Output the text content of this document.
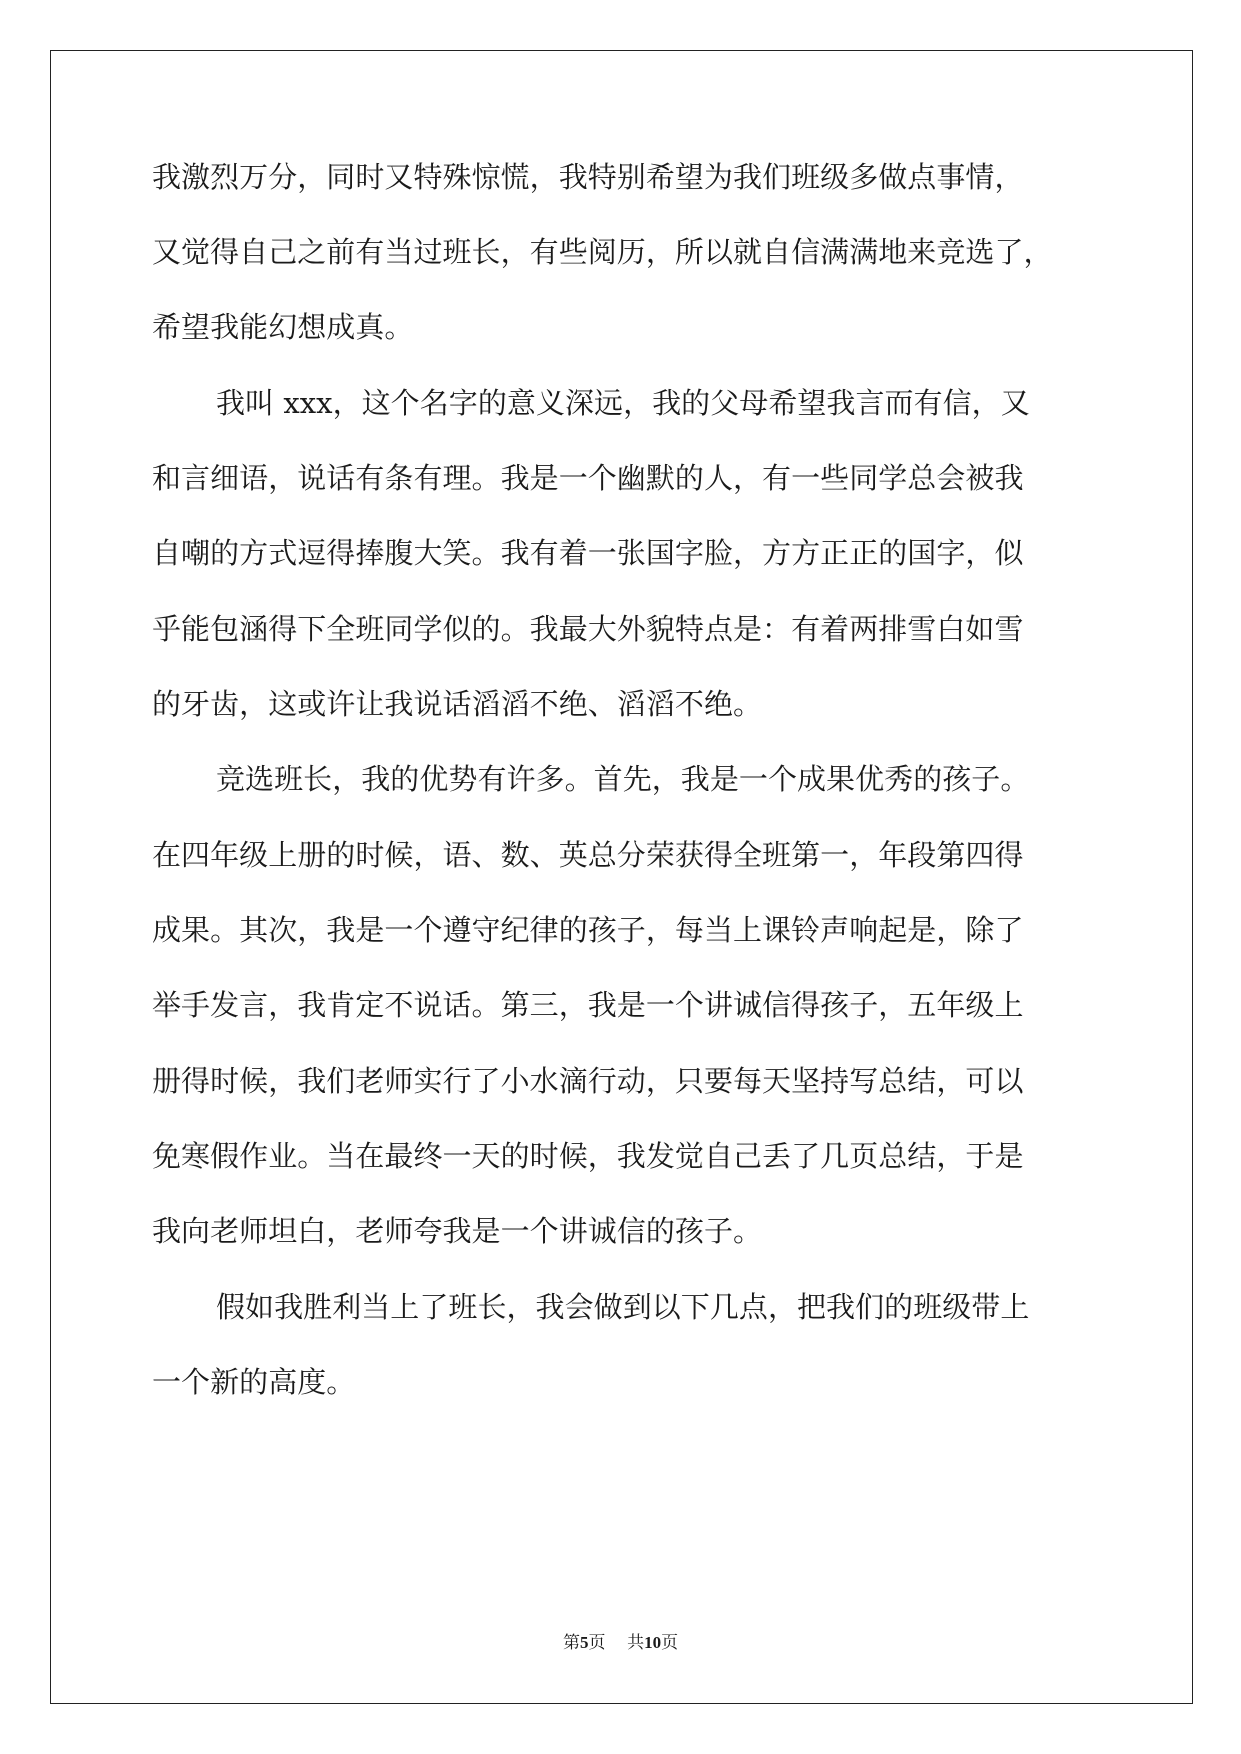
我激烈万分，同时又特殊惊慌，我特别希望为我们班级多做点事情，
又觉得自己之前有当过班长，有些阅历，所以就自信满满地来竞选了，
希望我能幻想成真。
我叫 xxx，这个名字的意义深远，我的父母希望我言而有信，又
和言细语，说话有条有理。我是一个幽默的人，有一些同学总会被我
自嘲的方式逗得捧腹大笑。我有着一张国字脸，方方正正的国字，似
乎能包涵得下全班同学似的。我最大外貌特点是：有着两排雪白如雪
的牙齿，这或许让我说话滔滔不绝、滔滔不绝。
竞选班长，我的优势有许多。首先，我是一个成果优秀的孩子。
在四年级上册的时候，语、数、英总分荣获得全班第一，年段第四得
成果。其次，我是一个遵守纪律的孩子，每当上课铃声响起是，除了
举手发言，我肯定不说话。第三，我是一个讲诚信得孩子，五年级上
册得时候，我们老师实行了小水滴行动，只要每天坚持写总结，可以
免寒假作业。当在最终一天的时候，我发觉自己丢了几页总结，于是
我向老师坦白，老师夸我是一个讲诚信的孩子。
假如我胜利当上了班长，我会做到以下几点，把我们的班级带上
一个新的高度。
第5页 共10页
